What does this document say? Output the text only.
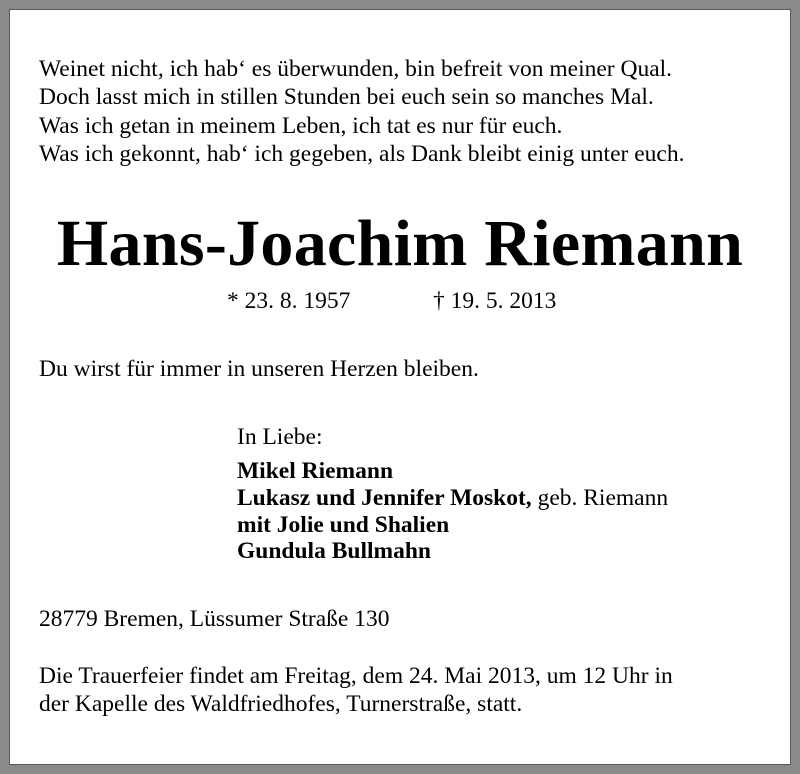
Weinet nicht, ich hab‘ es überwunden, bin befreit von meiner Qual.
Doch lasst mich in stillen Stunden bei euch sein so manches Mal.
Was ich getan in meinem Leben, ich tat es nur für euch.
Was ich gekonnt, hab‘ ich gegeben, als Dank bleibt einig unter euch.
Hans-Joachim Riemann
* 23. 8. 1957	† 19. 5. 2013
Du wirst für immer in unseren Herzen bleiben.
In Liebe:
Mikel Riemann
Lukasz und Jennifer Moskot, geb. Riemann
mit Jolie und Shalien
Gundula Bullmahn
28779 Bremen, Lüssumer Straße 130
Die Trauerfeier findet am Freitag, dem 24. Mai 2013, um 12 Uhr in
der Kapelle des Waldfriedhofes, Turnerstraße, statt.
